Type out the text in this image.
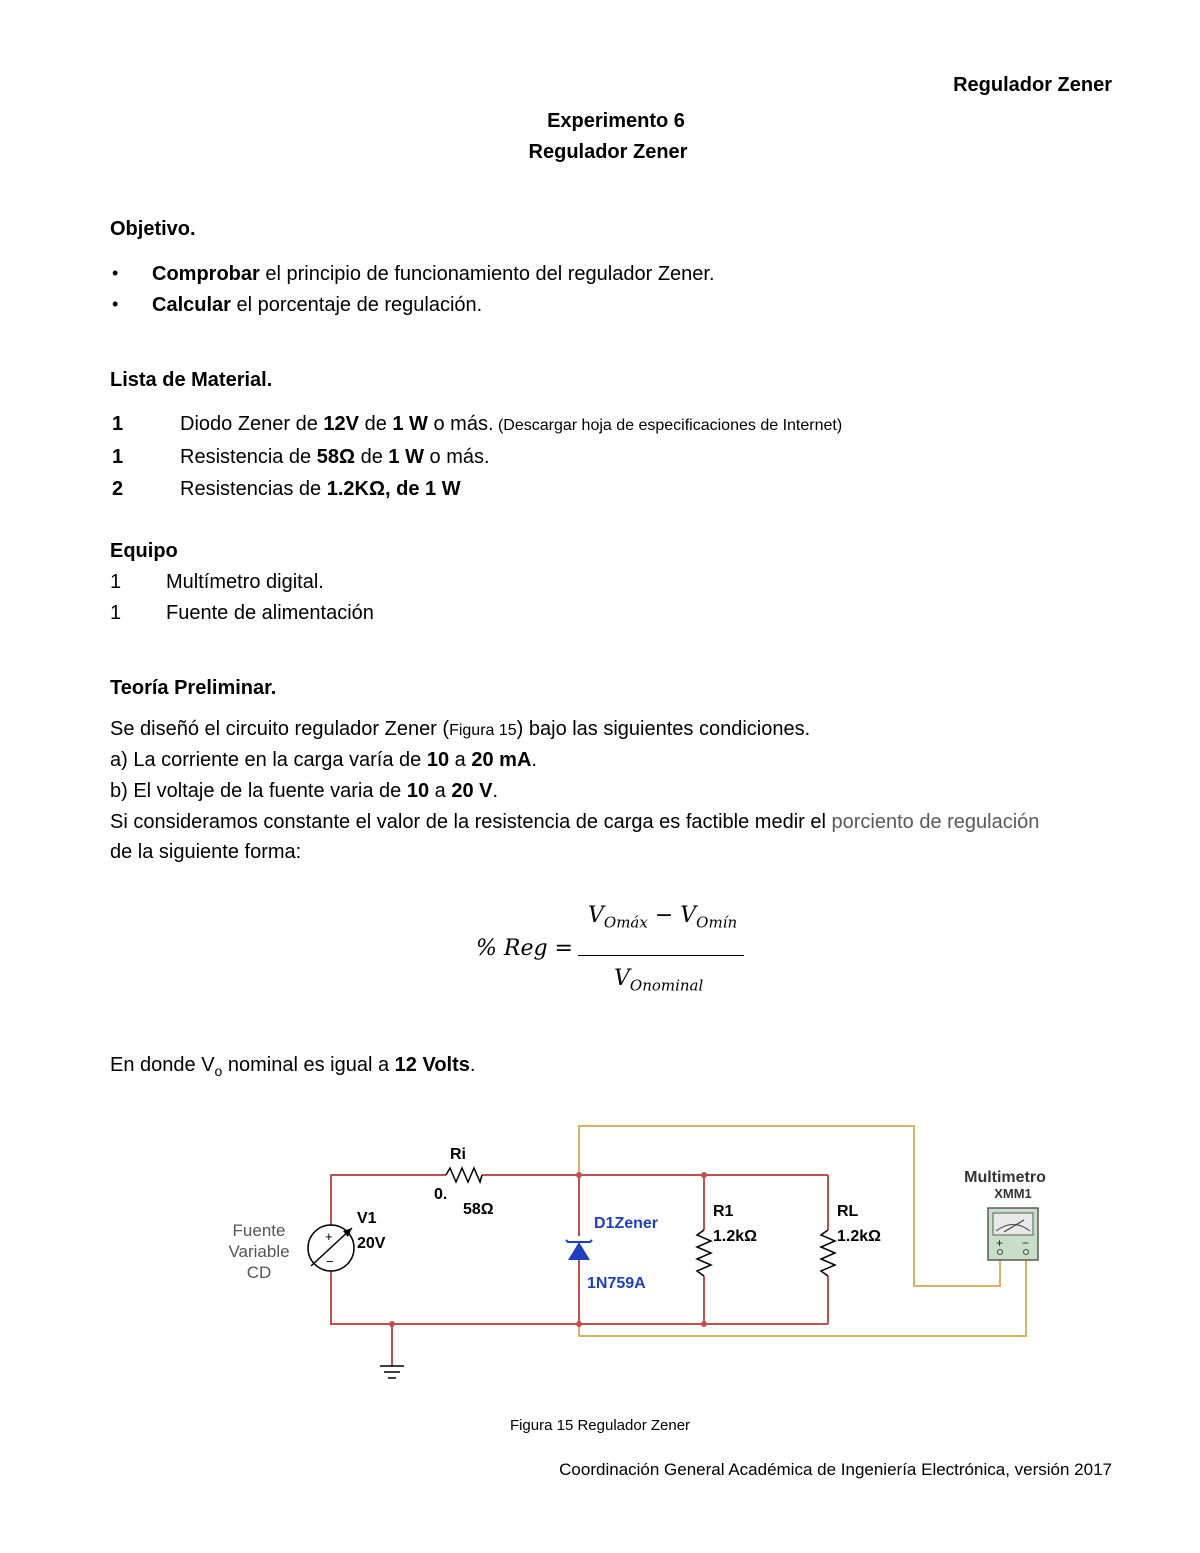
Regulador Zener
Experimento 6
Regulador Zener
Objetivo.
• Comprobar el principio de funcionamiento del regulador Zener.
• Calcular el porcentaje de regulación.
Lista de Material.
1	Diodo Zener de 12V de 1 W o más. (Descargar hoja de especificaciones de Internet)
1	Resistencia de 58Ω de 1 W o más.
2	Resistencias de 1.2KΩ, de 1 W
Equipo
1 Multímetro digital.
1 Fuente de alimentación
Teoría Preliminar.
Se diseñó el circuito regulador Zener (Figura 15) bajo las siguientes condiciones.
a) La corriente en la carga varía de 10 a 20 mA.
b) El voltaje de la fuente varia de 10 a 20 V.
Si consideramos constante el valor de la resistencia de carga es factible medir el porciento de regulación
de la siguiente forma:
% Reg =
$V_{Omáx} - V_{Omín}$
$V_{Onominal}$
En donde $V_o$ nominal es igual a 12 Volts.
+
−
Fuente
Variable
CD
V1
20V
Ri
0.
58Ω
D1Zener
1N759A
R1
1.2kΩ
RL
1.2kΩ
Multimetro
XMM1
+ −
Figura 15 Regulador Zener
Coordinación General Académica de Ingeniería Electrónica, versión 2017
